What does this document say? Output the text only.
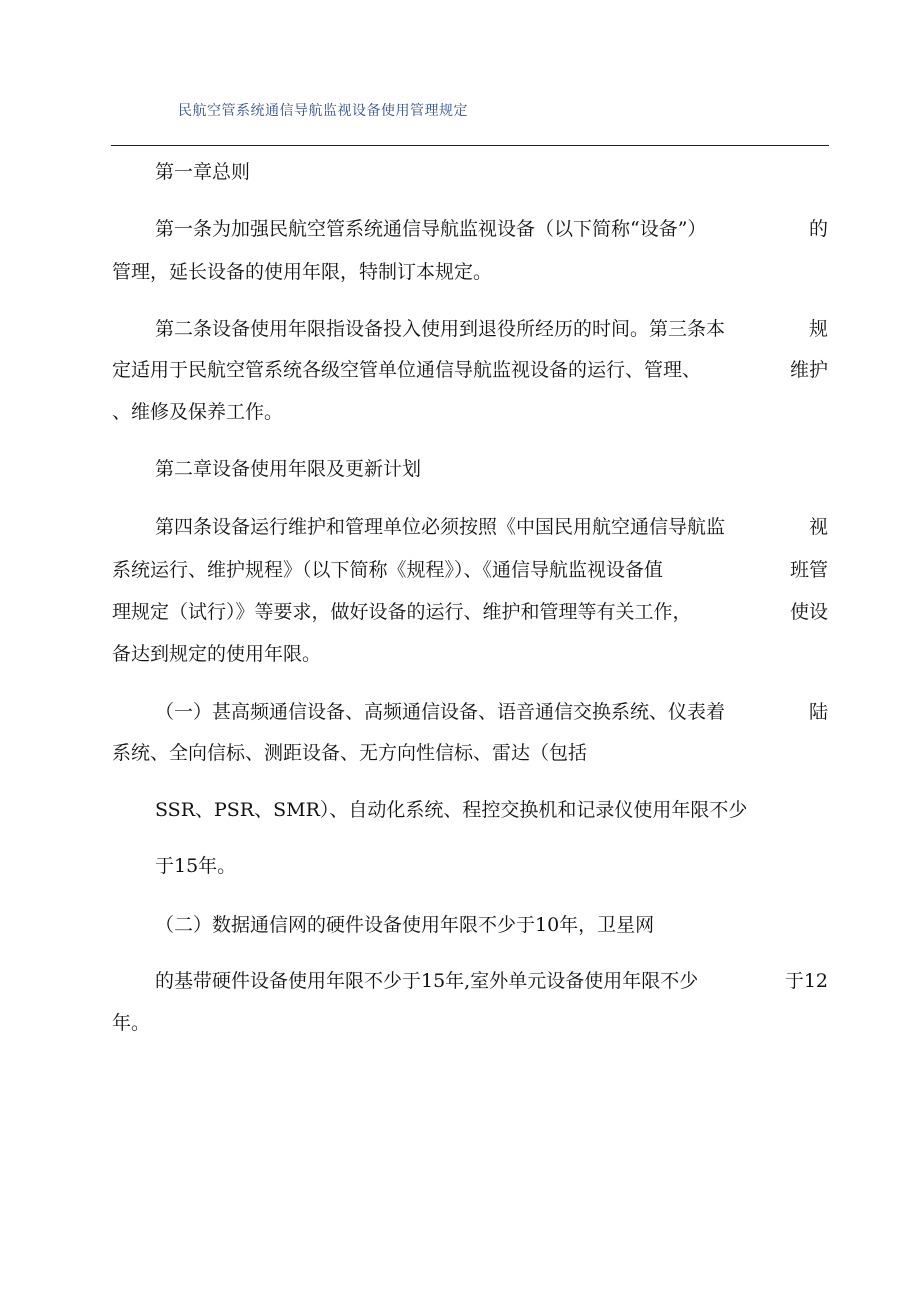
民航空管系统通信导航监视设备使用管理规定
第一章总则
第一条为加强民航空管系统通信导航监视设备（以下简称“设备”）	的
管理，延长设备的使用年限，特制订本规定。
第二条设备使用年限指设备投入使用到退役所经历的时间。第三条本	规
定适用于民航空管系统各级空管单位通信导航监视设备的运行、管理、	维护
、维修及保养工作。
第二章设备使用年限及更新计划
第四条设备运行维护和管理单位必须按照《中国民用航空通信导航监	视
系统运行、维护规程》（以下简称《规程》）、《通信导航监视设备值	班管
理规定（试行）》等要求，做好设备的运行、维护和管理等有关工作，	使设
备达到规定的使用年限。
（一）甚高频通信设备、高频通信设备、语音通信交换系统、仪表着	陆
系统、全向信标、测距设备、无方向性信标、雷达（包括
SSR、PSR、SMR）、自动化系统、程控交换机和记录仪使用年限不少
于15年。
（二）数据通信网的硬件设备使用年限不少于10年，卫星网
的基带硬件设备使用年限不少于15年,室外单元设备使用年限不少	于12
年。
